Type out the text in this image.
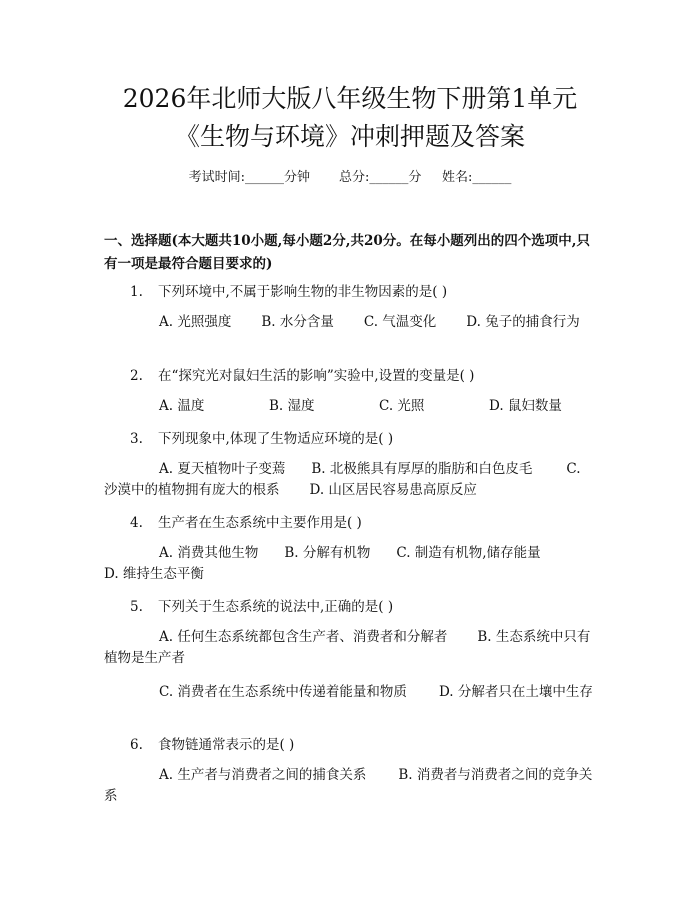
2026年北师大版八年级生物下册第1单元
《生物与环境》冲刺押题及答案
考试时间:______分钟 总分:______分 姓名:______

一、选择题(本大题共10小题,每小题2分,共20分。在每小题列出的四个选项中,只有一项是最符合题目要求的)

1. 下列环境中,不属于影响生物的非生物因素的是( )

A. 光照强度 B. 水分含量 C. 气温变化 D. 兔子的捕食行为

2. 在“探究光对鼠妇生活的影响”实验中,设置的变量是( )

A. 温度	B. 湿度	C. 光照	D. 鼠妇数量

3. 下列现象中,体现了生物适应环境的是( )

A. 夏天植物叶子变蔫 B. 北极熊具有厚厚的脂肪和白色皮毛	C. 沙漠中的植物拥有庞大的根系 D. 山区居民容易患高原反应

4. 生产者在生态系统中主要作用是( )

A. 消费其他生物 B. 分解有机物 C. 制造有机物,储存能量D. 维持生态平衡

5. 下列关于生态系统的说法中,正确的是( )

A. 任何生态系统都包含生产者、消费者和分解者 B. 生态系统中只有植物是生产者

C. 消费者在生态系统中传递着能量和物质 D. 分解者只在土壤中生存

6. 食物链通常表示的是( )

A. 生产者与消费者之间的捕食关系 B. 消费者与消费者之间的竞争关系
